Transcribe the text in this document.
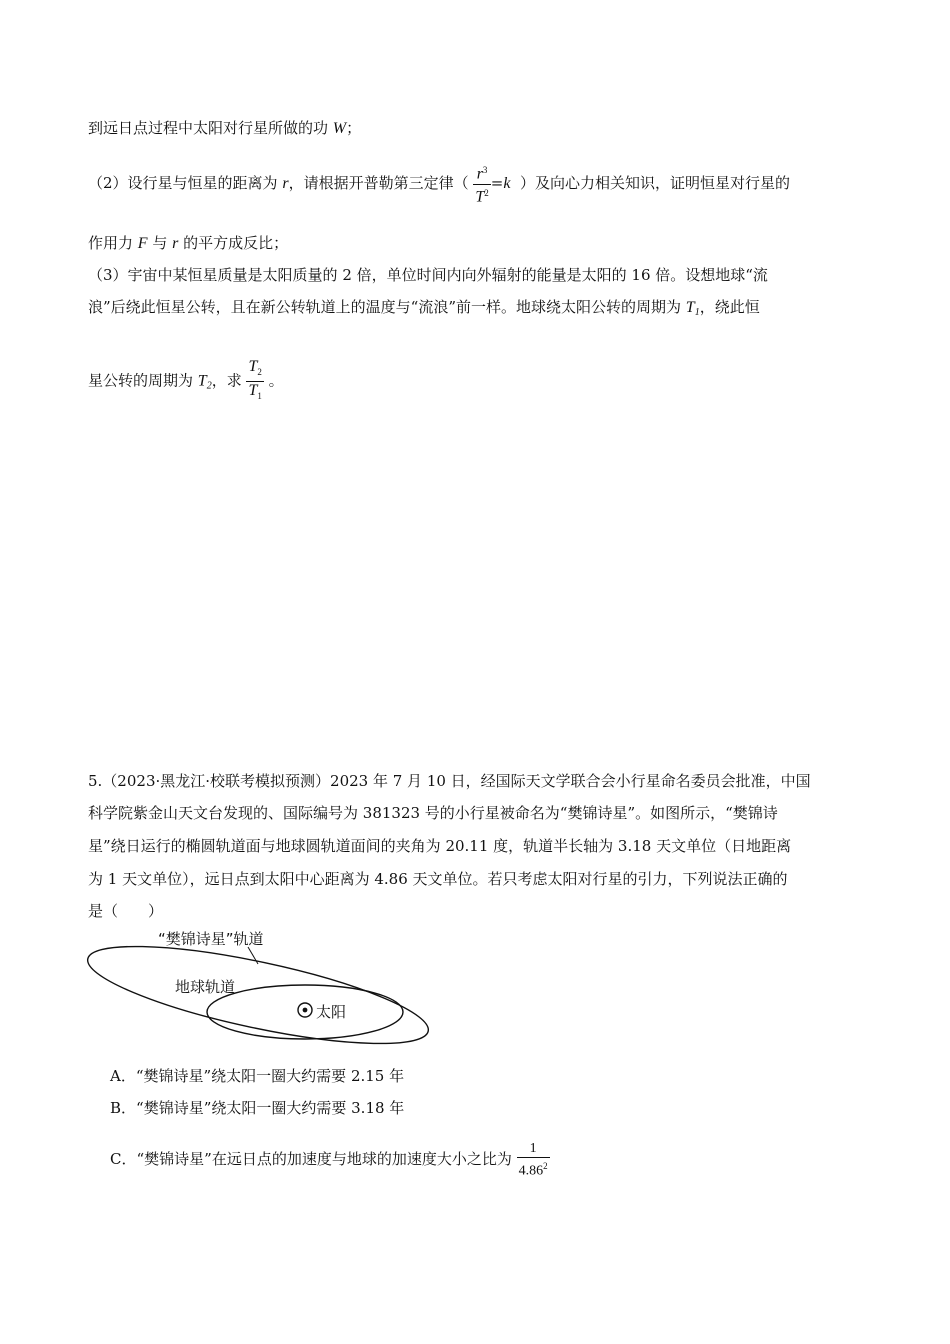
到远日点过程中太阳对行星所做的功 W；
（2）设行星与恒星的距离为 r，请根据开普勒第三定律（ $\frac{r^3}{T^2} =k$ ）及向心力相关知识，证明恒星对行星的
作用力 F 与 r 的平方成反比；
（3）宇宙中某恒星质量是太阳质量的 2 倍，单位时间内向外辐射的能量是太阳的 16 倍。设想地球“流
浪”后绕此恒星公转，且在新公转轨道上的温度与“流浪”前一样。地球绕太阳公转的周期为 $T_1$，绕此恒
星公转的周期为 $T_2$，求 $\frac{T_2}{T_1}$ 。
5.（2023·黑龙江·校联考模拟预测）2023 年 7 月 10 日，经国际天文学联合会小行星命名委员会批准，中国
科学院紫金山天文台发现的、国际编号为 381323 号的小行星被命名为“樊锦诗星”。如图所示，“樊锦诗
星”绕日运行的椭圆轨道面与地球圆轨道面间的夹角为 20.11 度，轨道半长轴为 3.18 天文单位（日地距离
为 1 天文单位），远日点到太阳中心距离为 4.86 天文单位。若只考虑太阳对行星的引力，下列说法正确的
是（　　）
“樊锦诗星”轨道
地球轨道
太阳
A．“樊锦诗星”绕太阳一圈大约需要 2.15 年
B．“樊锦诗星”绕太阳一圈大约需要 3.18 年
C．“樊锦诗星”在远日点的加速度与地球的加速度大小之比为 $\frac{1}{4.86^2}$
